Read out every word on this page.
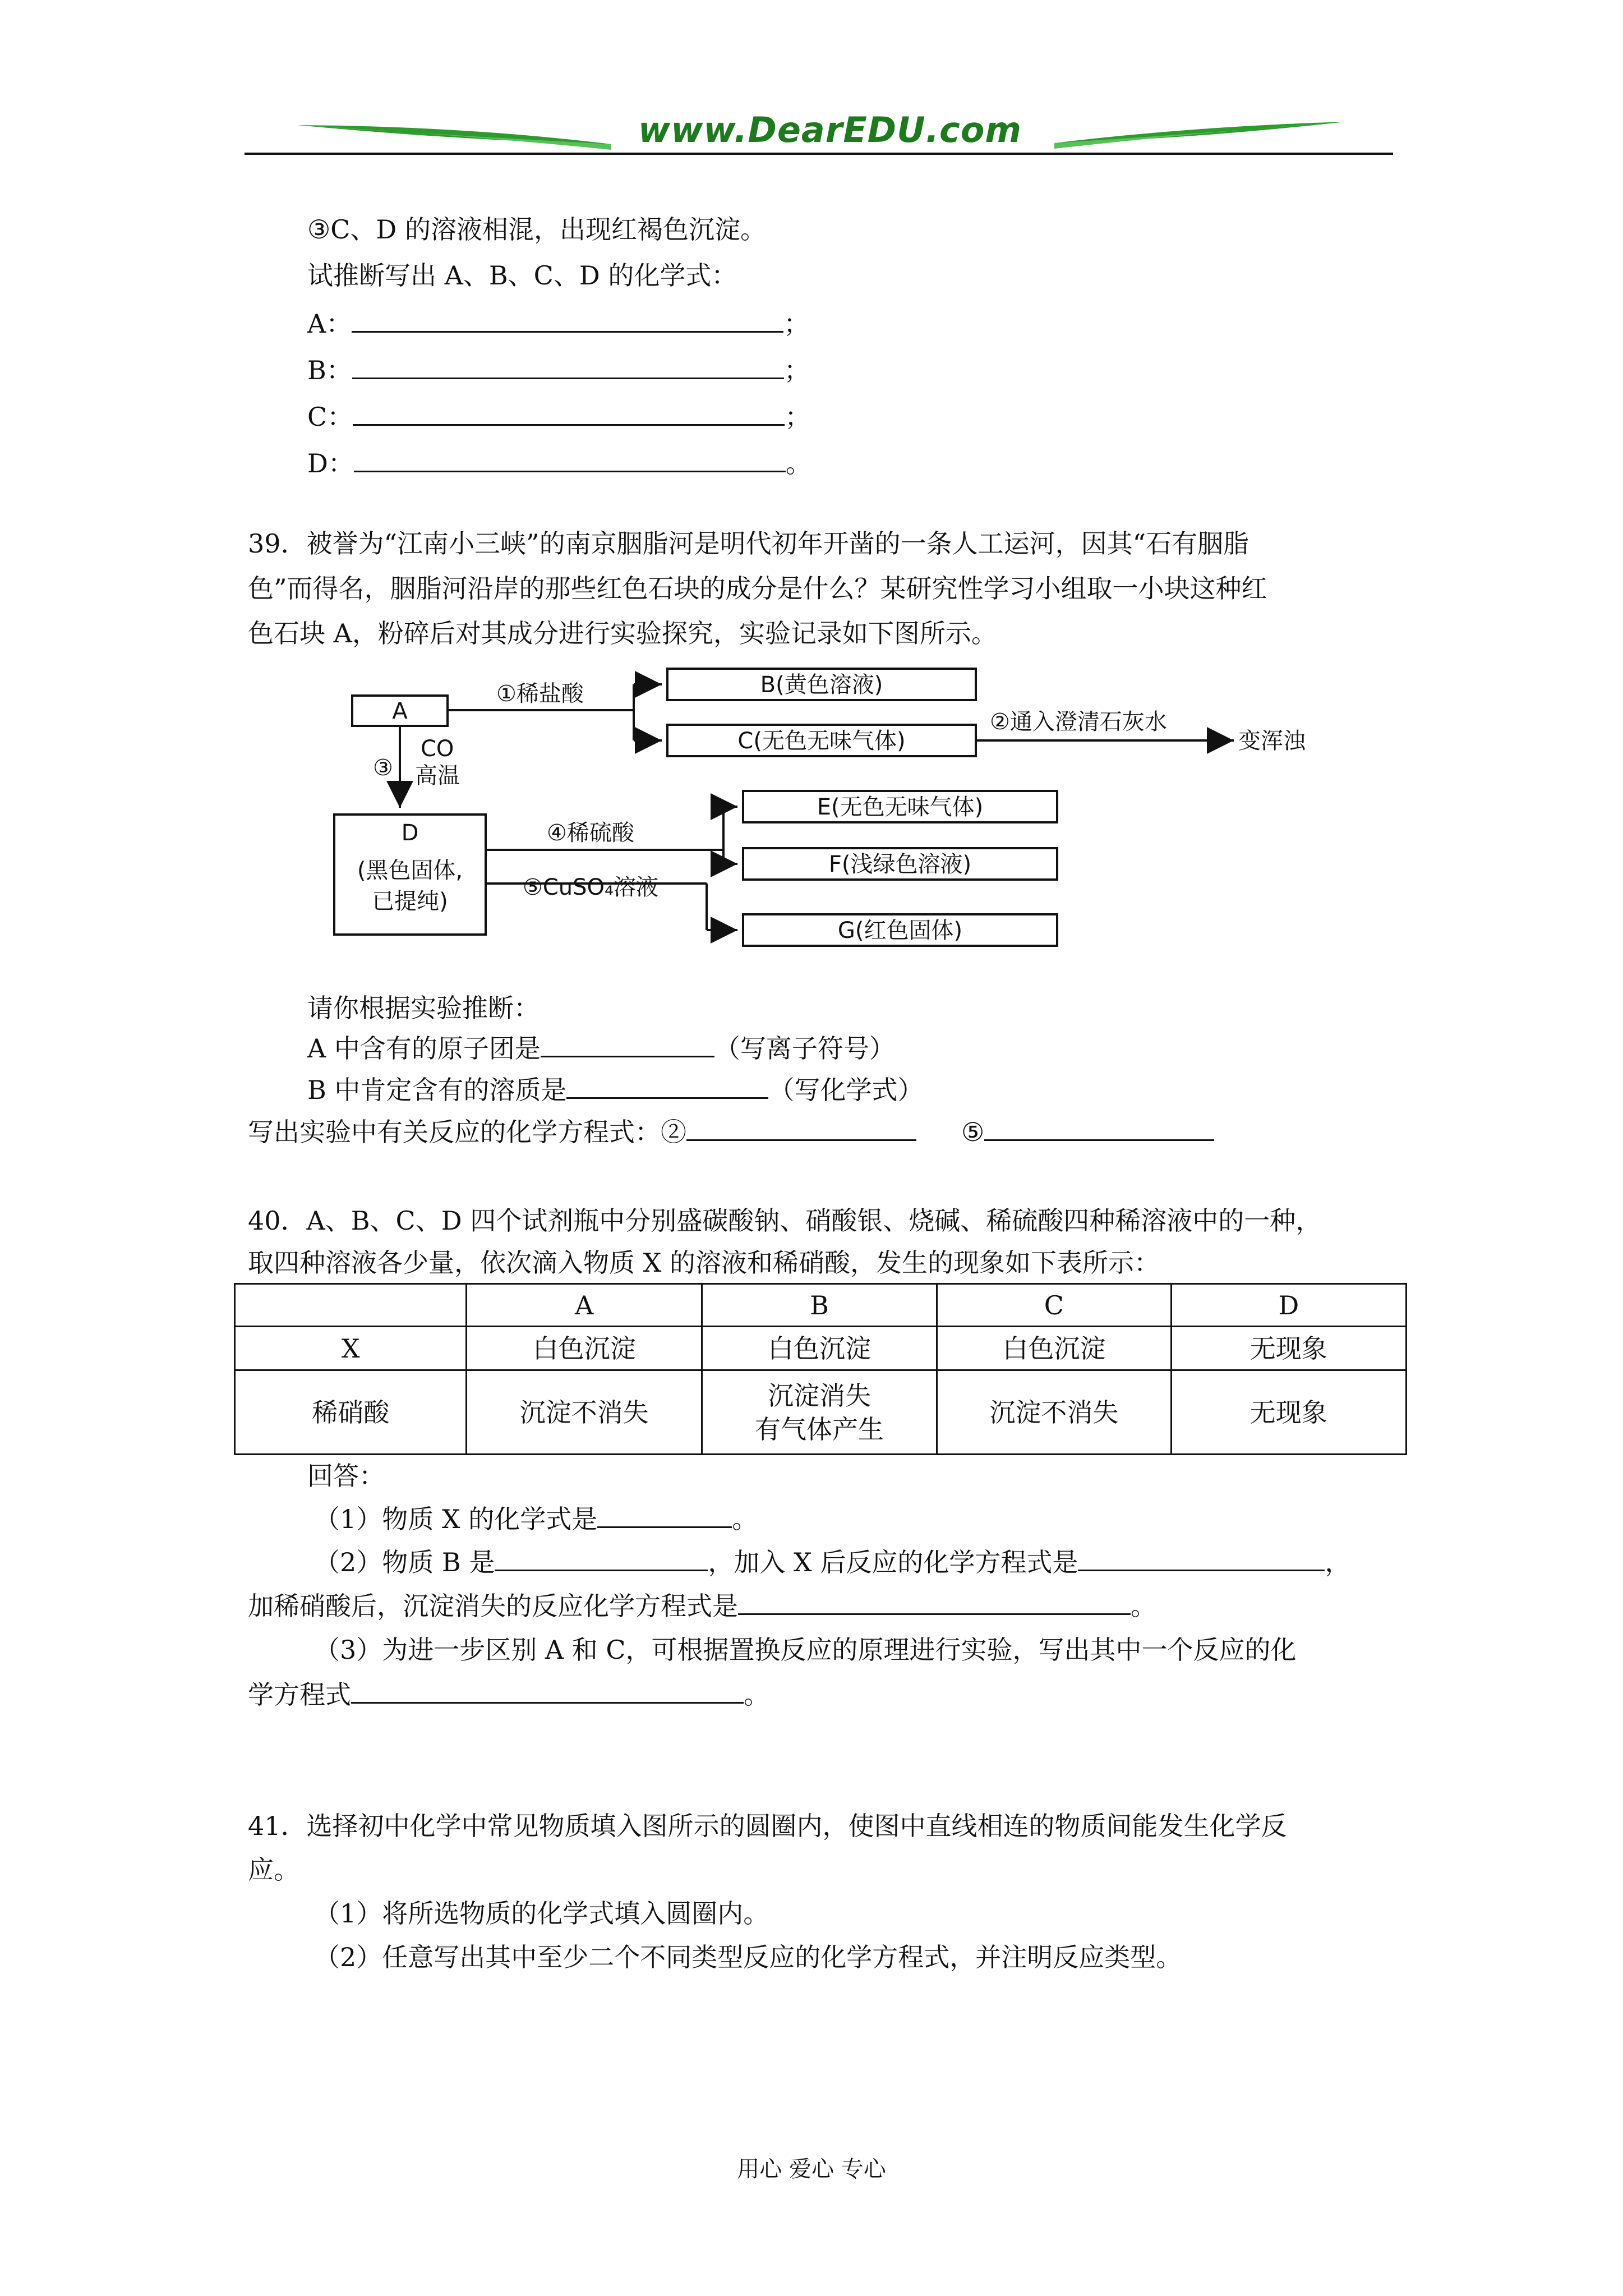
www.DearEDU.com
③C、D 的溶液相混，出现红褐色沉淀。
试推断写出 A、B、C、D 的化学式：
A：	；
B：	；
C：	；
D：	。
39．被誉为“江南小三峡”的南京胭脂河是明代初年开凿的一条人工运河，因其“石有胭脂
色”而得名，胭脂河沿岸的那些红色石块的成分是什么？某研究性学习小组取一小块这种红
色石块 A，粉碎后对其成分进行实验探究，实验记录如下图所示。
A
①稀盐酸	B(黄色溶液)
C(无色无味气体)
②通入澄清石灰水
变浑浊
③
CO
高温
D
(黑色固体,
已提纯)
④稀硫酸
⑤CuSO₄溶液
E(无色无味气体)
F(浅绿色溶液)
G(红色固体)
请你根据实验推断：
A 中含有的原子团是	（写离子符号）
B 中肯定含有的溶质是	（写化学式）
写出实验中有关反应的化学方程式：②	⑤
40．A、B、C、D 四个试剂瓶中分别盛碳酸钠、硝酸银、烧碱、稀硫酸四种稀溶液中的一种，
取四种溶液各少量，依次滴入物质 X 的溶液和稀硝酸，发生的现象如下表所示：
	A	B	C	D
X	白色沉淀	白色沉淀	白色沉淀	无现象
稀硝酸	沉淀不消失	沉淀消失
有气体产生	沉淀不消失	无现象
回答：
（1）物质 X 的化学式是	。
（2）物质 B 是	，加入 X 后反应的化学方程式是	，
加稀硝酸后，沉淀消失的反应化学方程式是	。
（3）为进一步区别 A 和 C，可根据置换反应的原理进行实验，写出其中一个反应的化
学方程式	。
41．选择初中化学中常见物质填入图所示的圆圈内，使图中直线相连的物质间能发生化学反
应。
（1）将所选物质的化学式填入圆圈内。
（2）任意写出其中至少二个不同类型反应的化学方程式，并注明反应类型。
用心 爱心 专心
